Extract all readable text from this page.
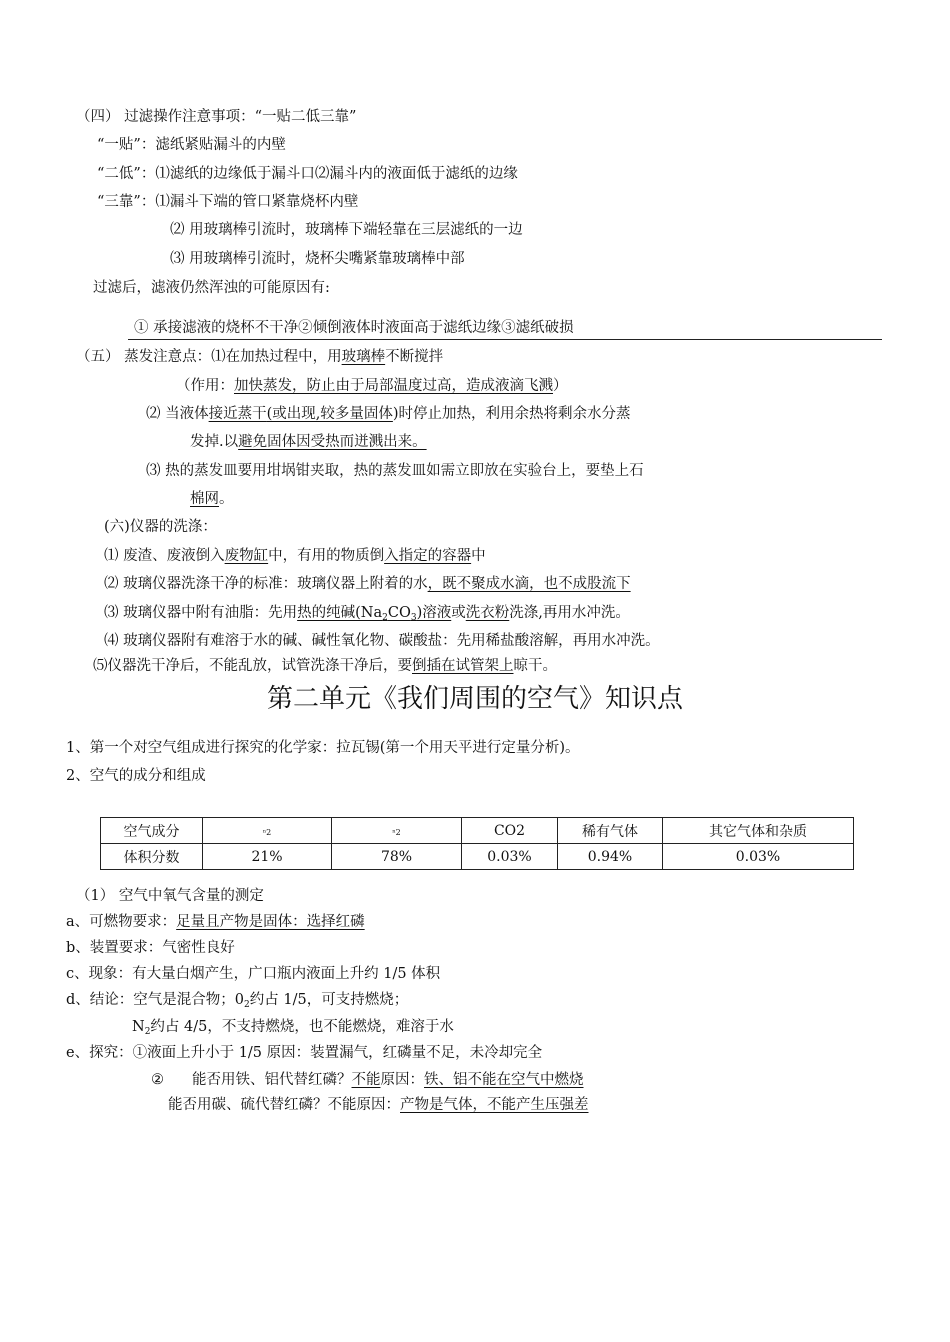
（四） 过滤操作注意事项：“一贴二低三靠”
“一贴”：滤纸紧贴漏斗的内壁
“二低”：⑴滤纸的边缘低于漏斗口⑵漏斗内的液面低于滤纸的边缘
“三靠”：⑴漏斗下端的管口紧靠烧杯内壁
⑵ 用玻璃棒引流时，玻璃棒下端轻靠在三层滤纸的一边
⑶ 用玻璃棒引流时，烧杯尖嘴紧靠玻璃棒中部
过滤后，滤液仍然浑浊的可能原因有:
① 承接滤液的烧杯不干净②倾倒液体时液面高于滤纸边缘③滤纸破损
（五） 蒸发注意点：⑴在加热过程中，用玻璃棒不断搅拌
（作用：加快蒸发，防止由于局部温度过高，造成液滴飞溅）
⑵ 当液体接近蒸干(或出现,较多量固体)时停止加热，利用余热将剩余水分蒸
发掉.以避免固体因受热而迸溅出来。
⑶ 热的蒸发皿要用坩埚钳夹取，热的蒸发皿如需立即放在实验台上，要垫上石
棉网。
(六)仪器的洗涤：
⑴ 废渣、废液倒入废物缸中，有用的物质倒入指定的容器中
⑵ 玻璃仪器洗涤干净的标准：玻璃仪器上附着的水，既不聚成水滴，也不成股流下
⑶ 玻璃仪器中附有油脂：先用热的纯碱$(Na_2CO_3)$溶液或洗衣粉洗涤,再用水冲洗。
⑷ 玻璃仪器附有难溶于水的碱、碱性氧化物、碳酸盐：先用稀盐酸溶解，再用水冲洗。
⑸仪器洗干净后，不能乱放，试管洗涤干净后，要倒插在试管架上晾干。
第二单元《我们周围的空气》知识点
1、第一个对空气组成进行探究的化学家：拉瓦锡(第一个用天平进行定量分析)。
2、空气的成分和组成
空气成分	ⁿ2	ⁿ2	CO2	稀有气体	其它气体和杂质
体积分数	21%	78%	0.03%	0.94%	0.03%
（1） 空气中氧气含量的测定
a、可燃物要求：足量且产物是固体：选择红磷
b、装置要求：气密性良好
c、现象：有大量白烟产生，广口瓶内液面上升约 1/5 体积
d、结论：空气是混合物；$0_2$约占 1/5，可支持燃烧；
$N_2$约占 4/5，不支持燃烧，也不能燃烧，难溶于水
e、探究：①液面上升小于 1/5 原因：装置漏气，红磷量不足，未冷却完全
② 能否用铁、铝代替红磷？不能原因：铁、铝不能在空气中燃烧
能否用碳、硫代替红磷？不能原因：产物是气体，不能产生压强差
